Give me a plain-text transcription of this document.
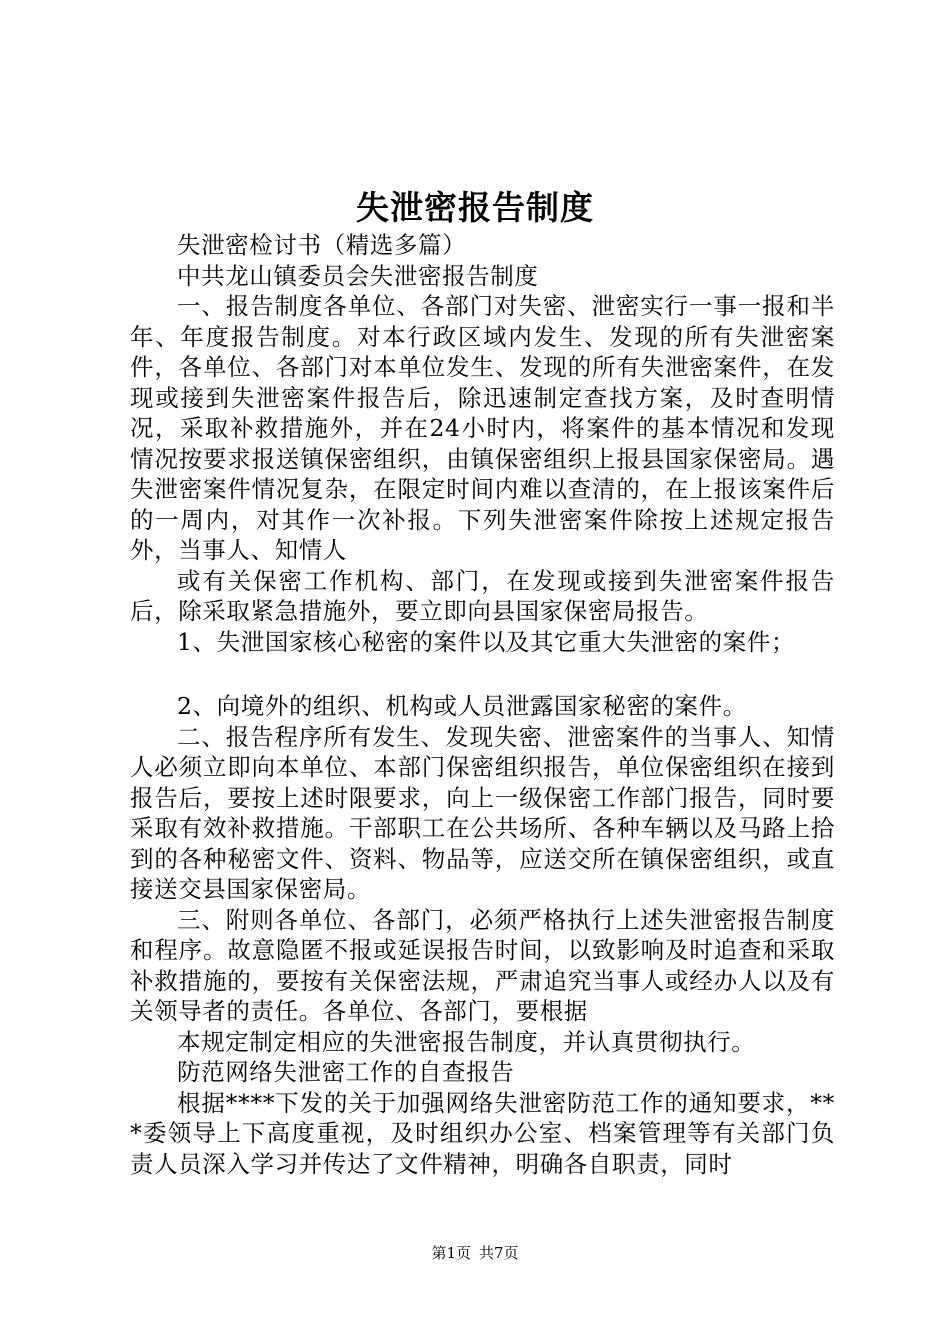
失泄密报告制度

失泄密检讨书（精选多篇）

中共龙山镇委员会失泄密报告制度

一、报告制度各单位、各部门对失密、泄密实行一事一报和半年、年度报告制度。对本行政区域内发生、发现的所有失泄密案件，各单位、各部门对本单位发生、发现的所有失泄密案件，在发现或接到失泄密案件报告后，除迅速制定查找方案，及时查明情况，采取补救措施外，并在24小时内，将案件的基本情况和发现情况按要求报送镇保密组织，由镇保密组织上报县国家保密局。遇失泄密案件情况复杂，在限定时间内难以查清的，在上报该案件后的一周内，对其作一次补报。下列失泄密案件除按上述规定报告外，当事人、知情人

或有关保密工作机构、部门，在发现或接到失泄密案件报告后，除采取紧急措施外，要立即向县国家保密局报告。

1、失泄国家核心秘密的案件以及其它重大失泄密的案件；

2、向境外的组织、机构或人员泄露国家秘密的案件。

二、报告程序所有发生、发现失密、泄密案件的当事人、知情人必须立即向本单位、本部门保密组织报告，单位保密组织在接到报告后，要按上述时限要求，向上一级保密工作部门报告，同时要采取有效补救措施。干部职工在公共场所、各种车辆以及马路上拾到的各种秘密文件、资料、物品等，应送交所在镇保密组织，或直接送交县国家保密局。

三、附则各单位、各部门，必须严格执行上述失泄密报告制度和程序。故意隐匿不报或延误报告时间，以致影响及时追查和采取补救措施的，要按有关保密法规，严肃追究当事人或经办人以及有关领导者的责任。各单位、各部门，要根据

本规定制定相应的失泄密报告制度，并认真贯彻执行。

防范网络失泄密工作的自查报告

根据****下发的关于加强网络失泄密防范工作的通知要求，***委领导上下高度重视，及时组织办公室、档案管理等有关部门负责人员深入学习并传达了文件精神，明确各自职责，同时

第1页 共7页
